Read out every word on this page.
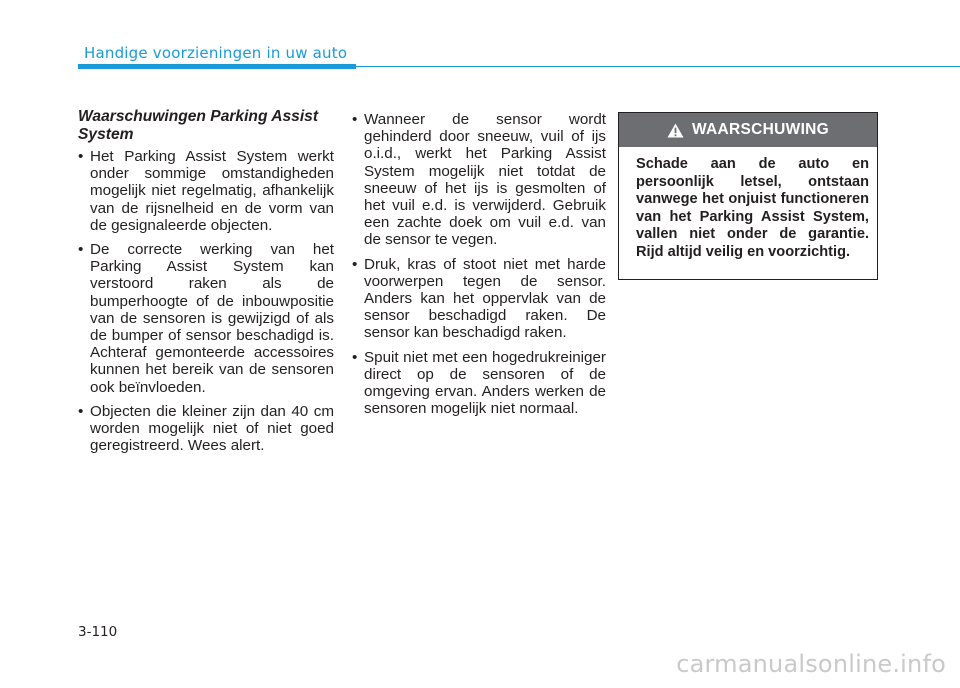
Handige voorzieningen in uw auto
Waarschuwingen Parking Assist System
• Het Parking Assist System werkt onder sommige omstandigheden mogelijk niet regelmatig, afhankelijk van de rijsnelheid en de vorm van de gesignaleerde objecten.
• De correcte werking van het Parking Assist System kan verstoord raken als de bumperhoogte of de inbouwpositie van de sensoren is gewijzigd of als de bumper of sensor beschadigd is. Achteraf gemonteerde accessoires kunnen het bereik van de sensoren ook beïnvloeden.
• Objecten die kleiner zijn dan 40 cm worden mogelijk niet of niet goed geregistreerd. Wees alert.
• Wanneer de sensor wordt gehinderd door sneeuw, vuil of ijs o.i.d., werkt het Parking Assist System mogelijk niet totdat de sneeuw of het ijs is gesmolten of het vuil e.d. is verwijderd. Gebruik een zachte doek om vuil e.d. van de sensor te vegen.
• Druk, kras of stoot niet met harde voorwerpen tegen de sensor. Anders kan het oppervlak van de sensor beschadigd raken. De sensor kan beschadigd raken.
• Spuit niet met een hogedrukreiniger direct op de sensoren of de omgeving ervan. Anders werken de sensoren mogelijk niet normaal.
WAARSCHUWING
Schade aan de auto en persoonlijk letsel, ontstaan vanwege het onjuist functioneren van het Parking Assist System, vallen niet onder de garantie. Rijd altijd veilig en voorzichtig.
3-110
carmanualsonline.info
